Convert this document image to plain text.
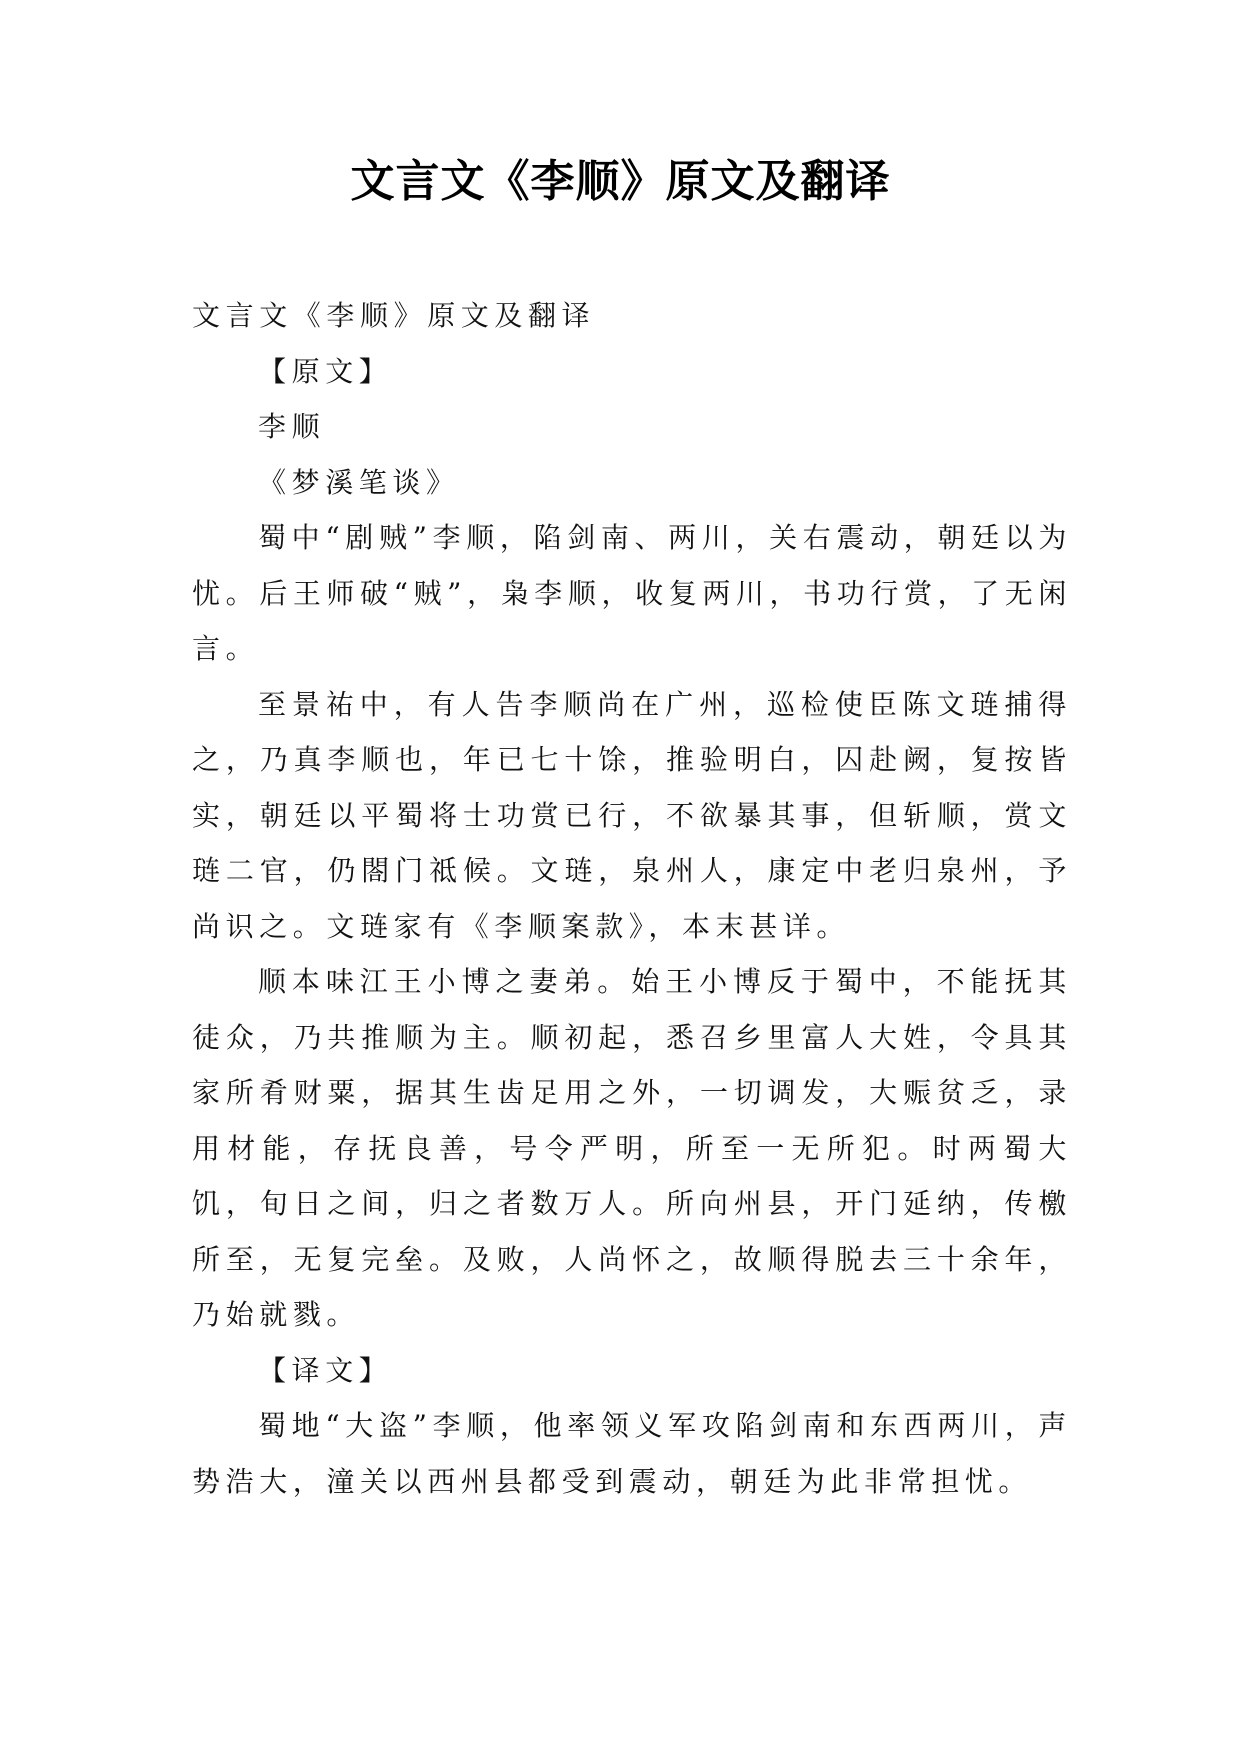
文言文《李顺》原文及翻译

文言文《李顺》原文及翻译

【原文】

李顺

《梦溪笔谈》

蜀中“剧贼”李顺，陷剑南、两川，关右震动，朝廷以为忧。后王师破“贼”，枭李顺，收复两川，书功行赏，了无闲言。

至景祐中，有人告李顺尚在广州，巡检使臣陈文琏捕得之，乃真李顺也，年已七十馀，推验明白，囚赴阙，复按皆实，朝廷以平蜀将士功赏已行，不欲暴其事，但斩顺，赏文琏二官，仍閤门祗候。文琏，泉州人，康定中老归泉州，予尚识之。文琏家有《李顺案款》，本末甚详。

顺本味江王小博之妻弟。始王小博反于蜀中，不能抚其徒众，乃共推顺为主。顺初起，悉召乡里富人大姓，令具其家所肴财粟，据其生齿足用之外，一切调发，大赈贫乏，录用材能，存抚良善，号令严明，所至一无所犯。时两蜀大饥，旬日之间，归之者数万人。所向州县，开门延纳，传檄所至，无复完垒。及败，人尚怀之，故顺得脱去三十余年，乃始就戮。

【译文】

蜀地“大盗”李顺，他率领义军攻陷剑南和东西两川，声势浩大，潼关以西州县都受到震动，朝廷为此非常担忧。
